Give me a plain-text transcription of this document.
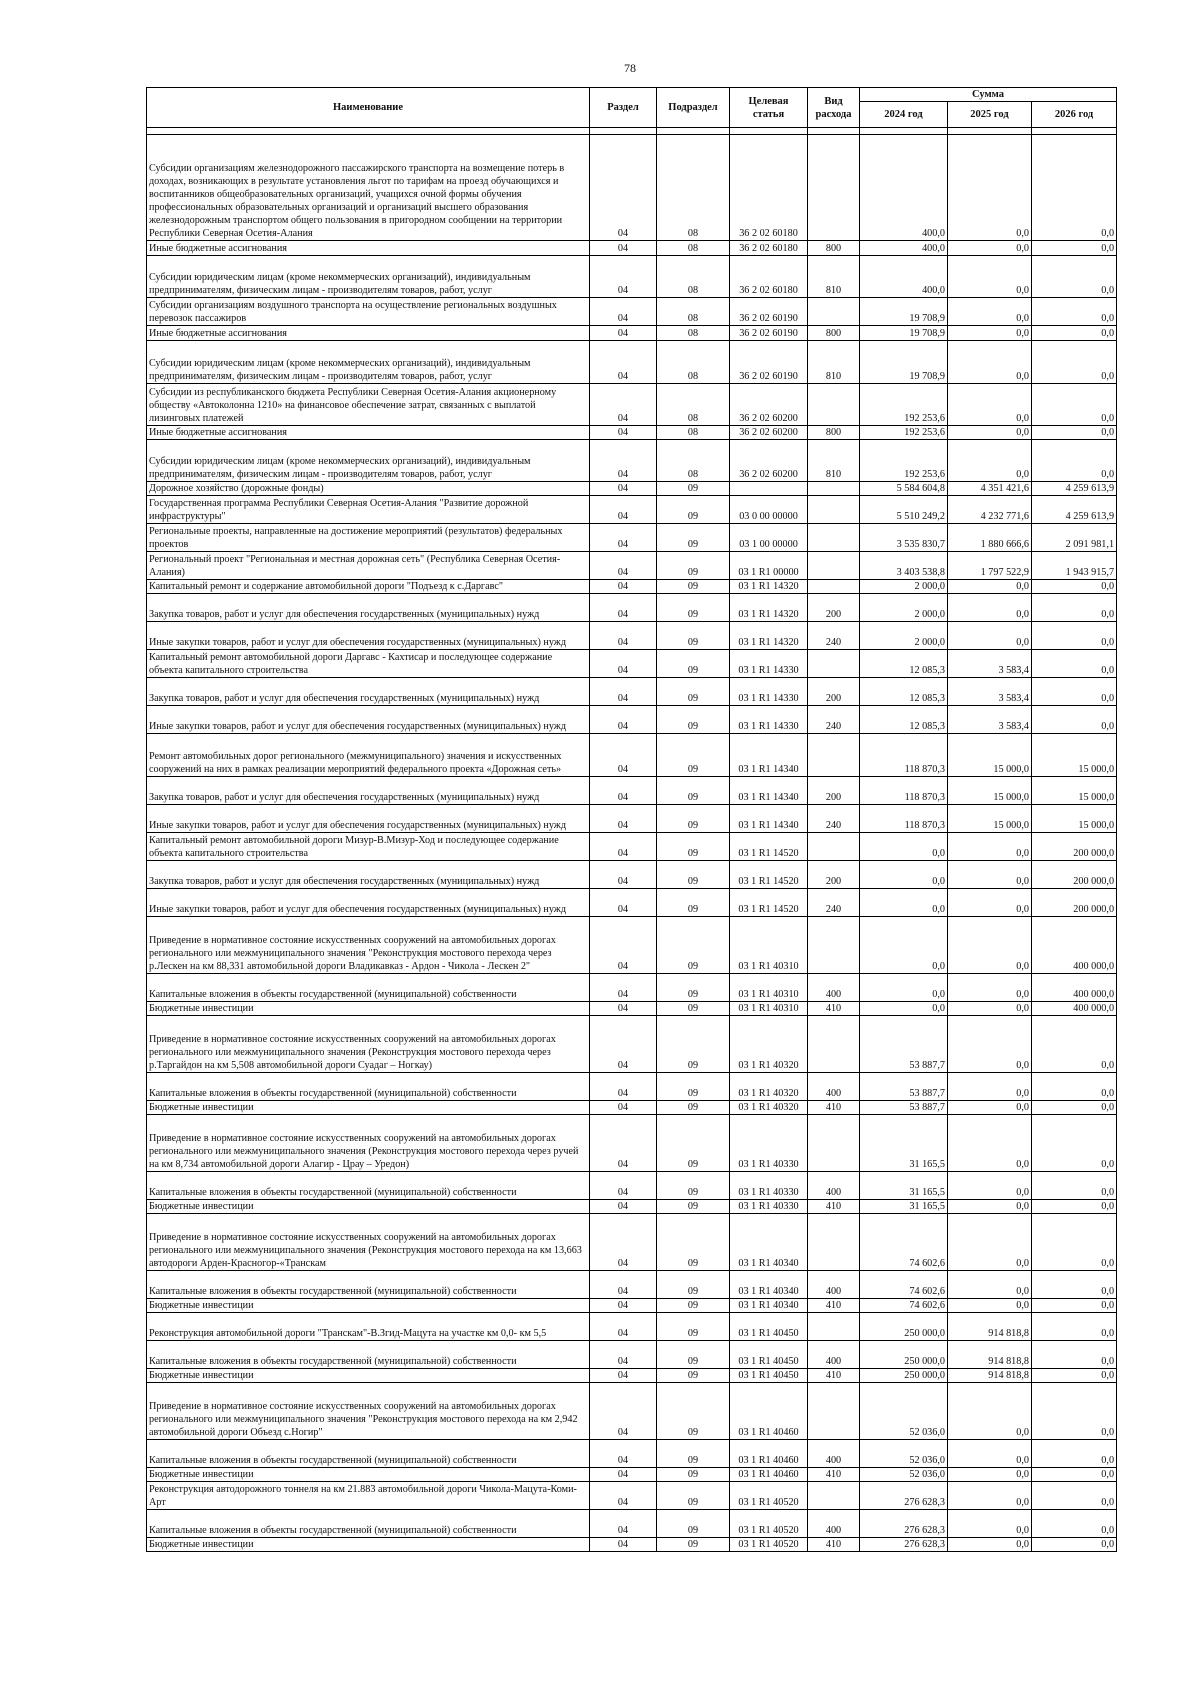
78
Наименование	Раздел	Подраздел	Целевая статья	Вид расхода	Сумма		
					2024 год	2025 год	2026 год

Субсидии организациям железнодорожного пассажирского транспорта на возмещение потерь в доходах, возникающих в результате установления льгот по тарифам на проезд обучающихся и воспитанников общеобразовательных организаций, учащихся очной формы обучения профессиональных образовательных организаций и организаций высшего образования железнодорожным транспортом общего пользования в пригородном сообщении на территории Республики Северная Осетия-Алания	04	08	36 2 02 60180		400,0	0,0	0,0
Иные бюджетные ассигнования	04	08	36 2 02 60180	800	400,0	0,0	0,0
Субсидии юридическим лицам (кроме некоммерческих организаций), индивидуальным предпринимателям, физическим лицам - производителям товаров, работ, услуг	04	08	36 2 02 60180	810	400,0	0,0	0,0
Субсидии организациям воздушного транспорта на осуществление региональных воздушных перевозок пассажиров	04	08	36 2 02 60190		19 708,9	0,0	0,0
Иные бюджетные ассигнования	04	08	36 2 02 60190	800	19 708,9	0,0	0,0
Субсидии юридическим лицам (кроме некоммерческих организаций), индивидуальным предпринимателям, физическим лицам - производителям товаров, работ, услуг	04	08	36 2 02 60190	810	19 708,9	0,0	0,0
Субсидии из республиканского бюджета Республики Северная Осетия-Алания акционерному обществу «Автоколонна 1210» на финансовое обеспечение затрат, связанных с выплатой лизинговых платежей	04	08	36 2 02 60200		192 253,6	0,0	0,0
Иные бюджетные ассигнования	04	08	36 2 02 60200	800	192 253,6	0,0	0,0
Субсидии юридическим лицам (кроме некоммерческих организаций), индивидуальным предпринимателям, физическим лицам - производителям товаров, работ, услуг	04	08	36 2 02 60200	810	192 253,6	0,0	0,0
Дорожное хозяйство (дорожные фонды)	04	09			5 584 604,8	4 351 421,6	4 259 613,9
Государственная программа Республики Северная Осетия-Алания "Развитие дорожной инфраструктуры"	04	09	03 0 00 00000		5 510 249,2	4 232 771,6	4 259 613,9
Региональные проекты, направленные на достижение мероприятий (результатов) федеральных проектов	04	09	03 1 00 00000		3 535 830,7	1 880 666,6	2 091 981,1
Региональный проект "Региональная и местная дорожная сеть" (Республика Северная Осетия-Алания)	04	09	03 1 R1 00000		3 403 538,8	1 797 522,9	1 943 915,7
Капитальный ремонт и содержание автомобильной дороги "Подъезд к с.Даргавс"	04	09	03 1 R1 14320		2 000,0	0,0	0,0
Закупка товаров, работ и услуг для обеспечения государственных (муниципальных) нужд	04	09	03 1 R1 14320	200	2 000,0	0,0	0,0
Иные закупки товаров, работ и услуг для обеспечения государственных (муниципальных) нужд	04	09	03 1 R1 14320	240	2 000,0	0,0	0,0
Капитальный ремонт автомобильной дороги Даргавс - Кахтисар и последующее содержание объекта капитального строительства	04	09	03 1 R1 14330		12 085,3	3 583,4	0,0
Закупка товаров, работ и услуг для обеспечения государственных (муниципальных) нужд	04	09	03 1 R1 14330	200	12 085,3	3 583,4	0,0
Иные закупки товаров, работ и услуг для обеспечения государственных (муниципальных) нужд	04	09	03 1 R1 14330	240	12 085,3	3 583,4	0,0
Ремонт автомобильных дорог регионального (межмуниципального) значения и искусственных сооружений на них в рамках реализации мероприятий федерального проекта «Дорожная сеть»	04	09	03 1 R1 14340		118 870,3	15 000,0	15 000,0
Закупка товаров, работ и услуг для обеспечения государственных (муниципальных) нужд	04	09	03 1 R1 14340	200	118 870,3	15 000,0	15 000,0
Иные закупки товаров, работ и услуг для обеспечения государственных (муниципальных) нужд	04	09	03 1 R1 14340	240	118 870,3	15 000,0	15 000,0
Капитальный ремонт автомобильной дороги Мизур-В.Мизур-Ход и последующее содержание объекта капитального строительства	04	09	03 1 R1 14520		0,0	0,0	200 000,0
Закупка товаров, работ и услуг для обеспечения государственных (муниципальных) нужд	04	09	03 1 R1 14520	200	0,0	0,0	200 000,0
Иные закупки товаров, работ и услуг для обеспечения государственных (муниципальных) нужд	04	09	03 1 R1 14520	240	0,0	0,0	200 000,0
Приведение в нормативное состояние искусственных сооружений на автомобильных дорогах регионального или межмуниципального значения "Реконструкция мостового перехода через р.Лескен на км 88,331 автомобильной дороги Владикавказ - Ардон - Чикола - Лескен 2"	04	09	03 1 R1 40310		0,0	0,0	400 000,0
Капитальные вложения в объекты государственной (муниципальной) собственности	04	09	03 1 R1 40310	400	0,0	0,0	400 000,0
Бюджетные инвестиции	04	09	03 1 R1 40310	410	0,0	0,0	400 000,0
Приведение в нормативное состояние искусственных сооружений на автомобильных дорогах регионального или межмуниципального значения (Реконструкция мостового перехода через р.Таргайдон на км 5,508 автомобильной дороги Суадаг – Ногкау)	04	09	03 1 R1 40320		53 887,7	0,0	0,0
Капитальные вложения в объекты государственной (муниципальной) собственности	04	09	03 1 R1 40320	400	53 887,7	0,0	0,0
Бюджетные инвестиции	04	09	03 1 R1 40320	410	53 887,7	0,0	0,0
Приведение в нормативное состояние искусственных сооружений на автомобильных дорогах регионального или межмуниципального значения (Реконструкция мостового перехода через ручей на км 8,734 автомобильной дороги Алагир - Црау – Уредон)	04	09	03 1 R1 40330		31 165,5	0,0	0,0
Капитальные вложения в объекты государственной (муниципальной) собственности	04	09	03 1 R1 40330	400	31 165,5	0,0	0,0
Бюджетные инвестиции	04	09	03 1 R1 40330	410	31 165,5	0,0	0,0
Приведение в нормативное состояние искусственных сооружений на автомобильных дорогах регионального или межмуниципального значения (Реконструкция мостового перехода на км 13,663 автодороги Арден-Красногор-«Транскам	04	09	03 1 R1 40340		74 602,6	0,0	0,0
Капитальные вложения в объекты государственной (муниципальной) собственности	04	09	03 1 R1 40340	400	74 602,6	0,0	0,0
Бюджетные инвестиции	04	09	03 1 R1 40340	410	74 602,6	0,0	0,0
Реконструкция автомобильной дороги "Транскам"-В.Згид-Мацута на участке км 0,0- км 5,5	04	09	03 1 R1 40450		250 000,0	914 818,8	0,0
Капитальные вложения в объекты государственной (муниципальной) собственности	04	09	03 1 R1 40450	400	250 000,0	914 818,8	0,0
Бюджетные инвестиции	04	09	03 1 R1 40450	410	250 000,0	914 818,8	0,0
Приведение в нормативное состояние искусственных сооружений на автомобильных дорогах регионального или межмуниципального значения "Реконструкция мостового перехода на км 2,942 автомобильной дороги Объезд с.Ногир"	04	09	03 1 R1 40460		52 036,0	0,0	0,0
Капитальные вложения в объекты государственной (муниципальной) собственности	04	09	03 1 R1 40460	400	52 036,0	0,0	0,0
Бюджетные инвестиции	04	09	03 1 R1 40460	410	52 036,0	0,0	0,0
Реконструкция автодорожного тоннеля на км 21.883 автомобильной дороги Чикола-Мацута-Коми-Арт	04	09	03 1 R1 40520		276 628,3	0,0	0,0
Капитальные вложения в объекты государственной (муниципальной) собственности	04	09	03 1 R1 40520	400	276 628,3	0,0	0,0
Бюджетные инвестиции	04	09	03 1 R1 40520	410	276 628,3	0,0	0,0
